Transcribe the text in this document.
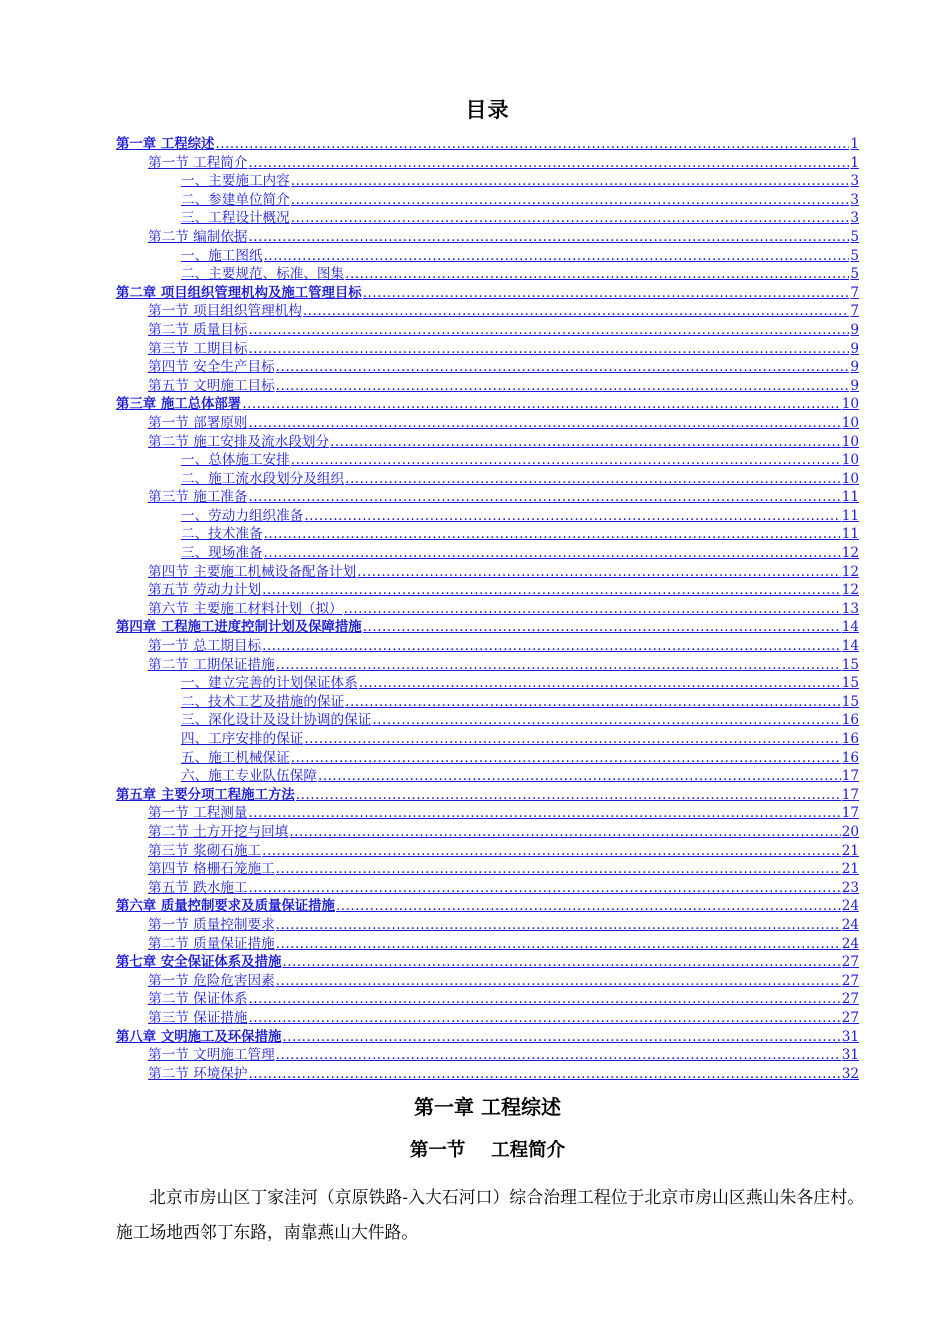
目录
第一章 工程综述 .....	1
第一节 工程简介 .....	1
一、主要施工内容 .....	3
二、参建单位简介 .....	3
三、工程设计概况 .....	3
第二节 编制依据 .....	5
一、施工图纸 .....	5
二、主要规范、标准、图集 .....	5
第二章 项目组织管理机构及施工管理目标 .....	7
第一节 项目组织管理机构 .....	7
第二节 质量目标 .....	9
第三节 工期目标 .....	9
第四节 安全生产目标 .....	9
第五节 文明施工目标 .....	9
第三章 施工总体部署 .....	10
第一节 部署原则 .....	10
第二节 施工安排及流水段划分 .....	10
一、总体施工安排 .....	10
二、施工流水段划分及组织 .....	10
第三节 施工准备 .....	11
一、劳动力组织准备 .....	11
二、技术准备 .....	11
三、现场准备 .....	12
第四节 主要施工机械设备配备计划 .....	12
第五节 劳动力计划 .....	12
第六节 主要施工材料计划（拟） .....	13
第四章 工程施工进度控制计划及保障措施 .....	14
第一节 总工期目标 .....	14
第二节 工期保证措施 .....	15
一、建立完善的计划保证体系 .....	15
二、技术工艺及措施的保证 .....	15
三、深化设计及设计协调的保证 .....	16
四、工序安排的保证 .....	16
五、施工机械保证 .....	16
六、施工专业队伍保障 .....	17
第五章 主要分项工程施工方法 .....	17
第一节 工程测量 .....	17
第二节 土方开挖与回填 .....	20
第三节 浆砌石施工 .....	21
第四节 格栅石笼施工 .....	21
第五节 跌水施工 .....	23
第六章 质量控制要求及质量保证措施 .....	24
第一节 质量控制要求 .....	24
第二节 质量保证措施 .....	24
第七章 安全保证体系及措施 .....	27
第一节 危险危害因素 .....	27
第二节 保证体系 .....	27
第三节 保证措施 .....	27
第八章 文明施工及环保措施 .....	31
第一节 文明施工管理 .....	31
第二节 环境保护 .....	32
第一章 工程综述
第一节    工程简介
北京市房山区丁家洼河（京原铁路-入大石河口）综合治理工程位于北京市房山区燕山朱各庄村。施工场地西邻丁东路，南靠燕山大件路。
